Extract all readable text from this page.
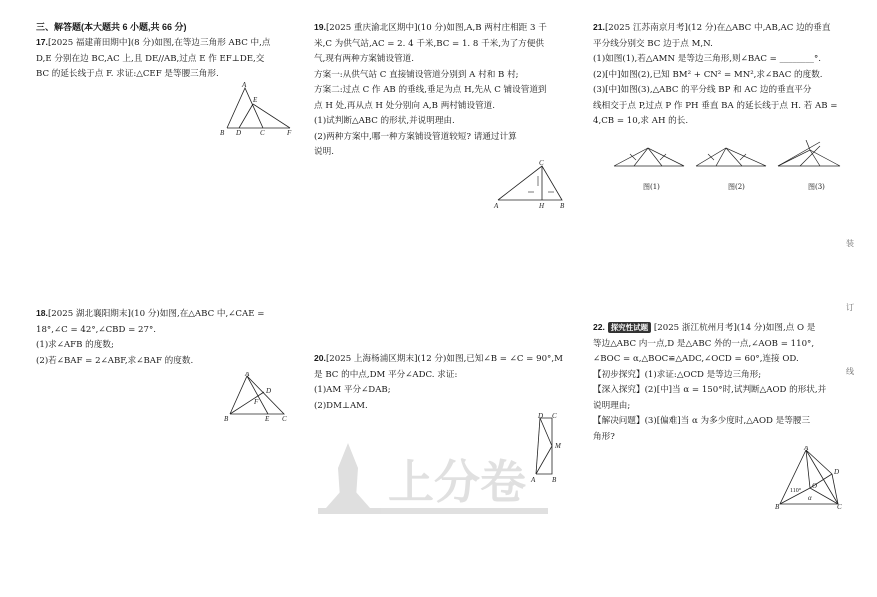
三、解答题(本大题共 6 小题,共 66 分)

17.[2025 福建莆田期中](8 分)如图,在等边三角形 ABC 中,点

D,E 分别在边 BC,AC 上,且 DE//AB,过点 E 作 EF⊥DE,交

BC 的延长线于点 F. 求证:△CEF 是等腰三角形.

A
E
B D	C	F

18.[2025 湖北襄阳期末](10 分)如图,在△ABC 中,∠CAE =

18°,∠C = 42°,∠CBD = 27°.

(1)求∠AFB 的度数;

(2)若∠BAF = 2∠ABF,求∠BAF 的度数.

A
D
F
B	E C

19.[2025 重庆渝北区期中](10 分)如图,A,B 两村庄相距 3 千

米,C 为供气站,AC = 2. 4 千米,BC = 1. 8 千米,为了方便供

气,现有两种方案铺设管道.

方案一:从供气站 C 直接铺设管道分别到 A 村和 B 村;

方案二:过点 C 作 AB 的垂线,垂足为点 H,先从 C 铺设管道到

点 H 处,再从点 H 处分别向 A,B 两村铺设管道.

(1)试判断△ABC 的形状,并说明理由.

(2)两种方案中,哪一种方案铺设管道较短? 请通过计算

说明.

C
A	H B

20.[2025 上海杨浦区期末](12 分)如图,已知∠B = ∠C = 90°,M

是 BC 的中点,DM 平分∠ADC. 求证:

(1)AM 平分∠DAB;

(2)DM⊥AM.

D C
M
A B
上分卷

21.[2025 江苏南京月考](12 分)在△ABC 中,AB,AC 边的垂直

平分线分别交 BC 边于点 M,N.

(1)如图(1),若△AMN 是等边三角形,则∠BAC = ________°.

(2)[中]如图(2),已知 BM² + CN² = MN²,求∠BAC 的度数.

(3)[中]如图(3),△ABC 的平分线 BP 和 AC 边的垂直平分

线相交于点 P,过点 P 作 PH 垂直 BA 的延长线于点 H. 若 AB =

4,CB = 10,求 AH 的长.

图(1)	图(2)	图(3)

22. 探究性试题 [2025 浙江杭州月考](14 分)如图,点 O 是

等边△ABC 内一点,D 是△ABC 外的一点,∠AOB = 110°,

∠BOC = α,△BOC≌△ADC,∠OCD = 60°,连接 OD.

【初步探究】(1)求证:△OCD 是等边三角形;

【深入探究】(2)[中]当 α = 150°时,试判断△AOD 的形状,并

说明理由;

【解决问题】(3)[偏难]当 α 为多少度时,△AOD 是等腰三

角形?

A
D
110°
O
α
B	C
装
订
线
